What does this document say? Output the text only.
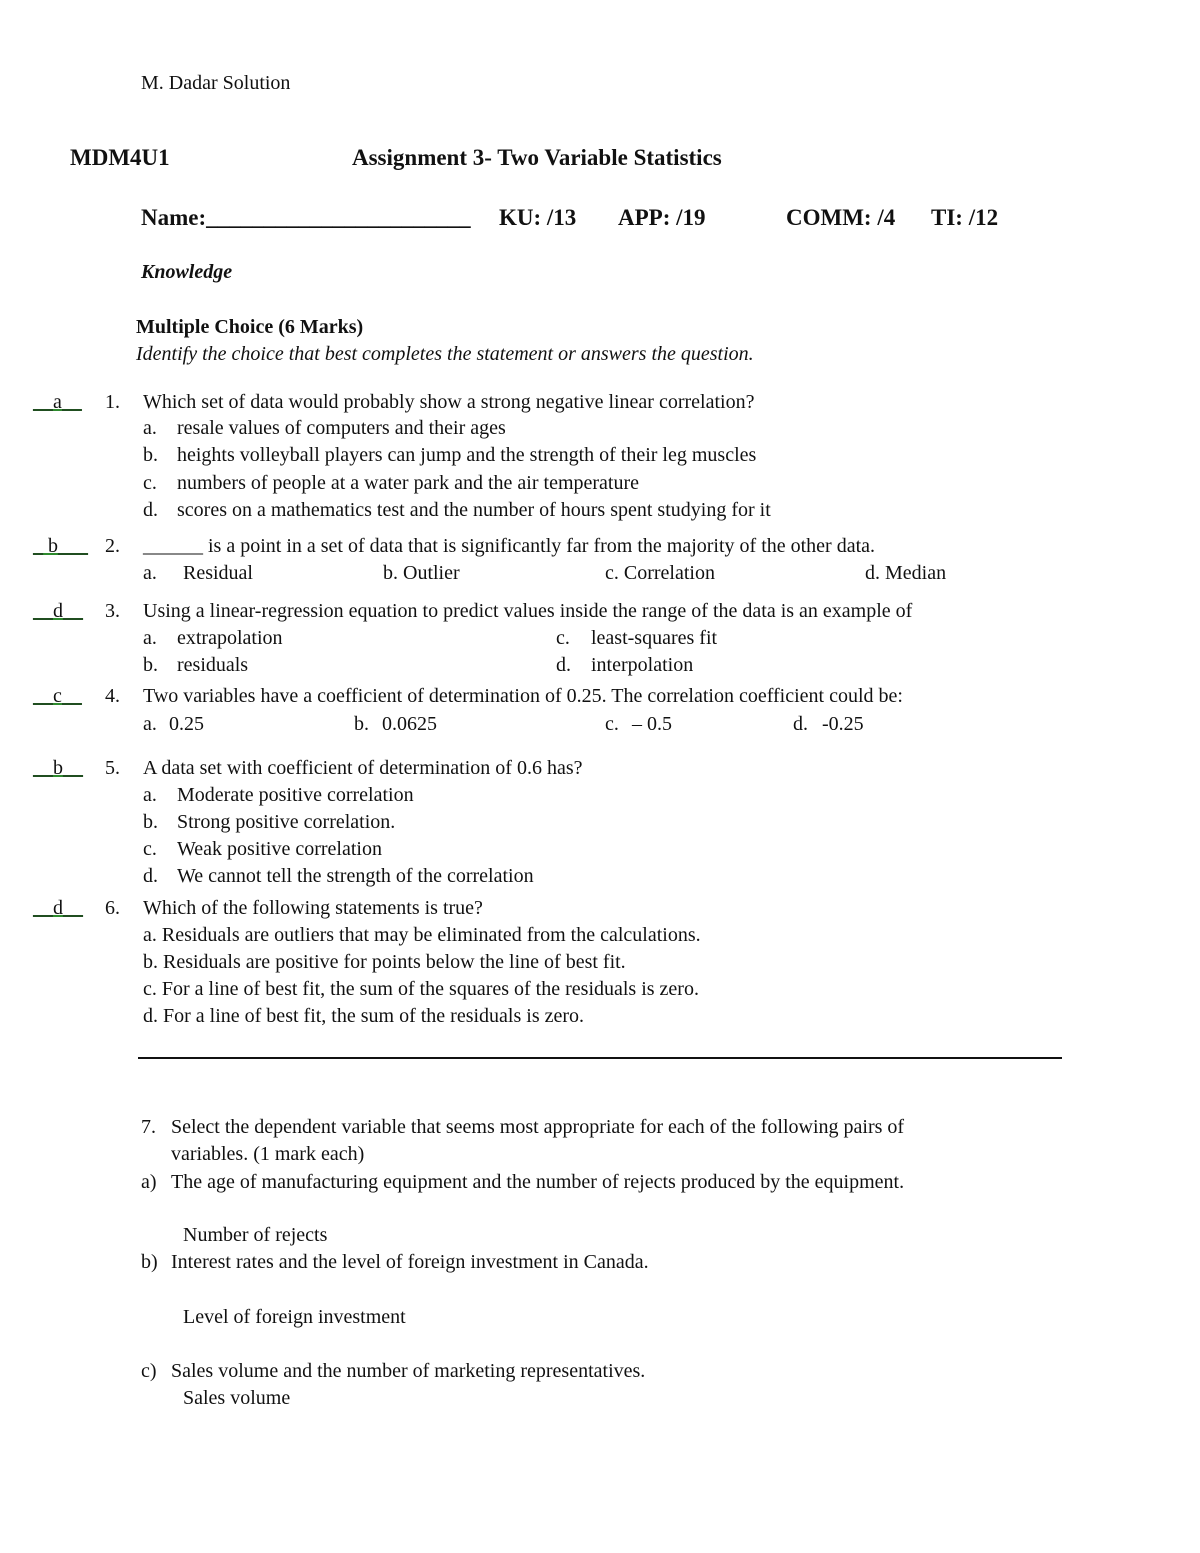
M. Dadar Solution
MDM4U1	Assignment 3- Two Variable Statistics
Name:_______________________ KU: /13 APP: /19	COMM: /4 TI: /12
Knowledge
Multiple Choice (6 Marks)
Identify the choice that best completes the statement or answers the question.
__a__ 1. Which set of data would probably show a strong negative linear correlation?
a. resale values of computers and their ages
b. heights volleyball players can jump and the strength of their leg muscles
c. numbers of people at a water park and the air temperature
d. scores on a mathematics test and the number of hours spent studying for it
_ b___ 2. ______ is a point in a set of data that is significantly far from the majority of the other data.
a. Residual	b. Outlier	c. Correlation	d. Median
__d__ 3. Using a linear-regression equation to predict values inside the range of the data is an example of
a. extrapolation	c. least-squares fit
b. residuals	d. interpolation
__c__ 4. Two variables have a coefficient of determination of 0.25. The correlation coefficient could be:
a. 0.25	b. 0.0625	c. – 0.5	d. -0.25
__b__ 5. A data set with coefficient of determination of 0.6 has?
a. Moderate positive correlation
b. Strong positive correlation.
c. Weak positive correlation
d. We cannot tell the strength of the correlation
__d__ 6. Which of the following statements is true?
a. Residuals are outliers that may be eliminated from the calculations.
b. Residuals are positive for points below the line of best fit.
c. For a line of best fit, the sum of the squares of the residuals is zero.
d. For a line of best fit, the sum of the residuals is zero.
7. Select the dependent variable that seems most appropriate for each of the following pairs of
variables. (1 mark each)
a) The age of manufacturing equipment and the number of rejects produced by the equipment.
Number of rejects
b) Interest rates and the level of foreign investment in Canada.
Level of foreign investment
c) Sales volume and the number of marketing representatives.
Sales volume
